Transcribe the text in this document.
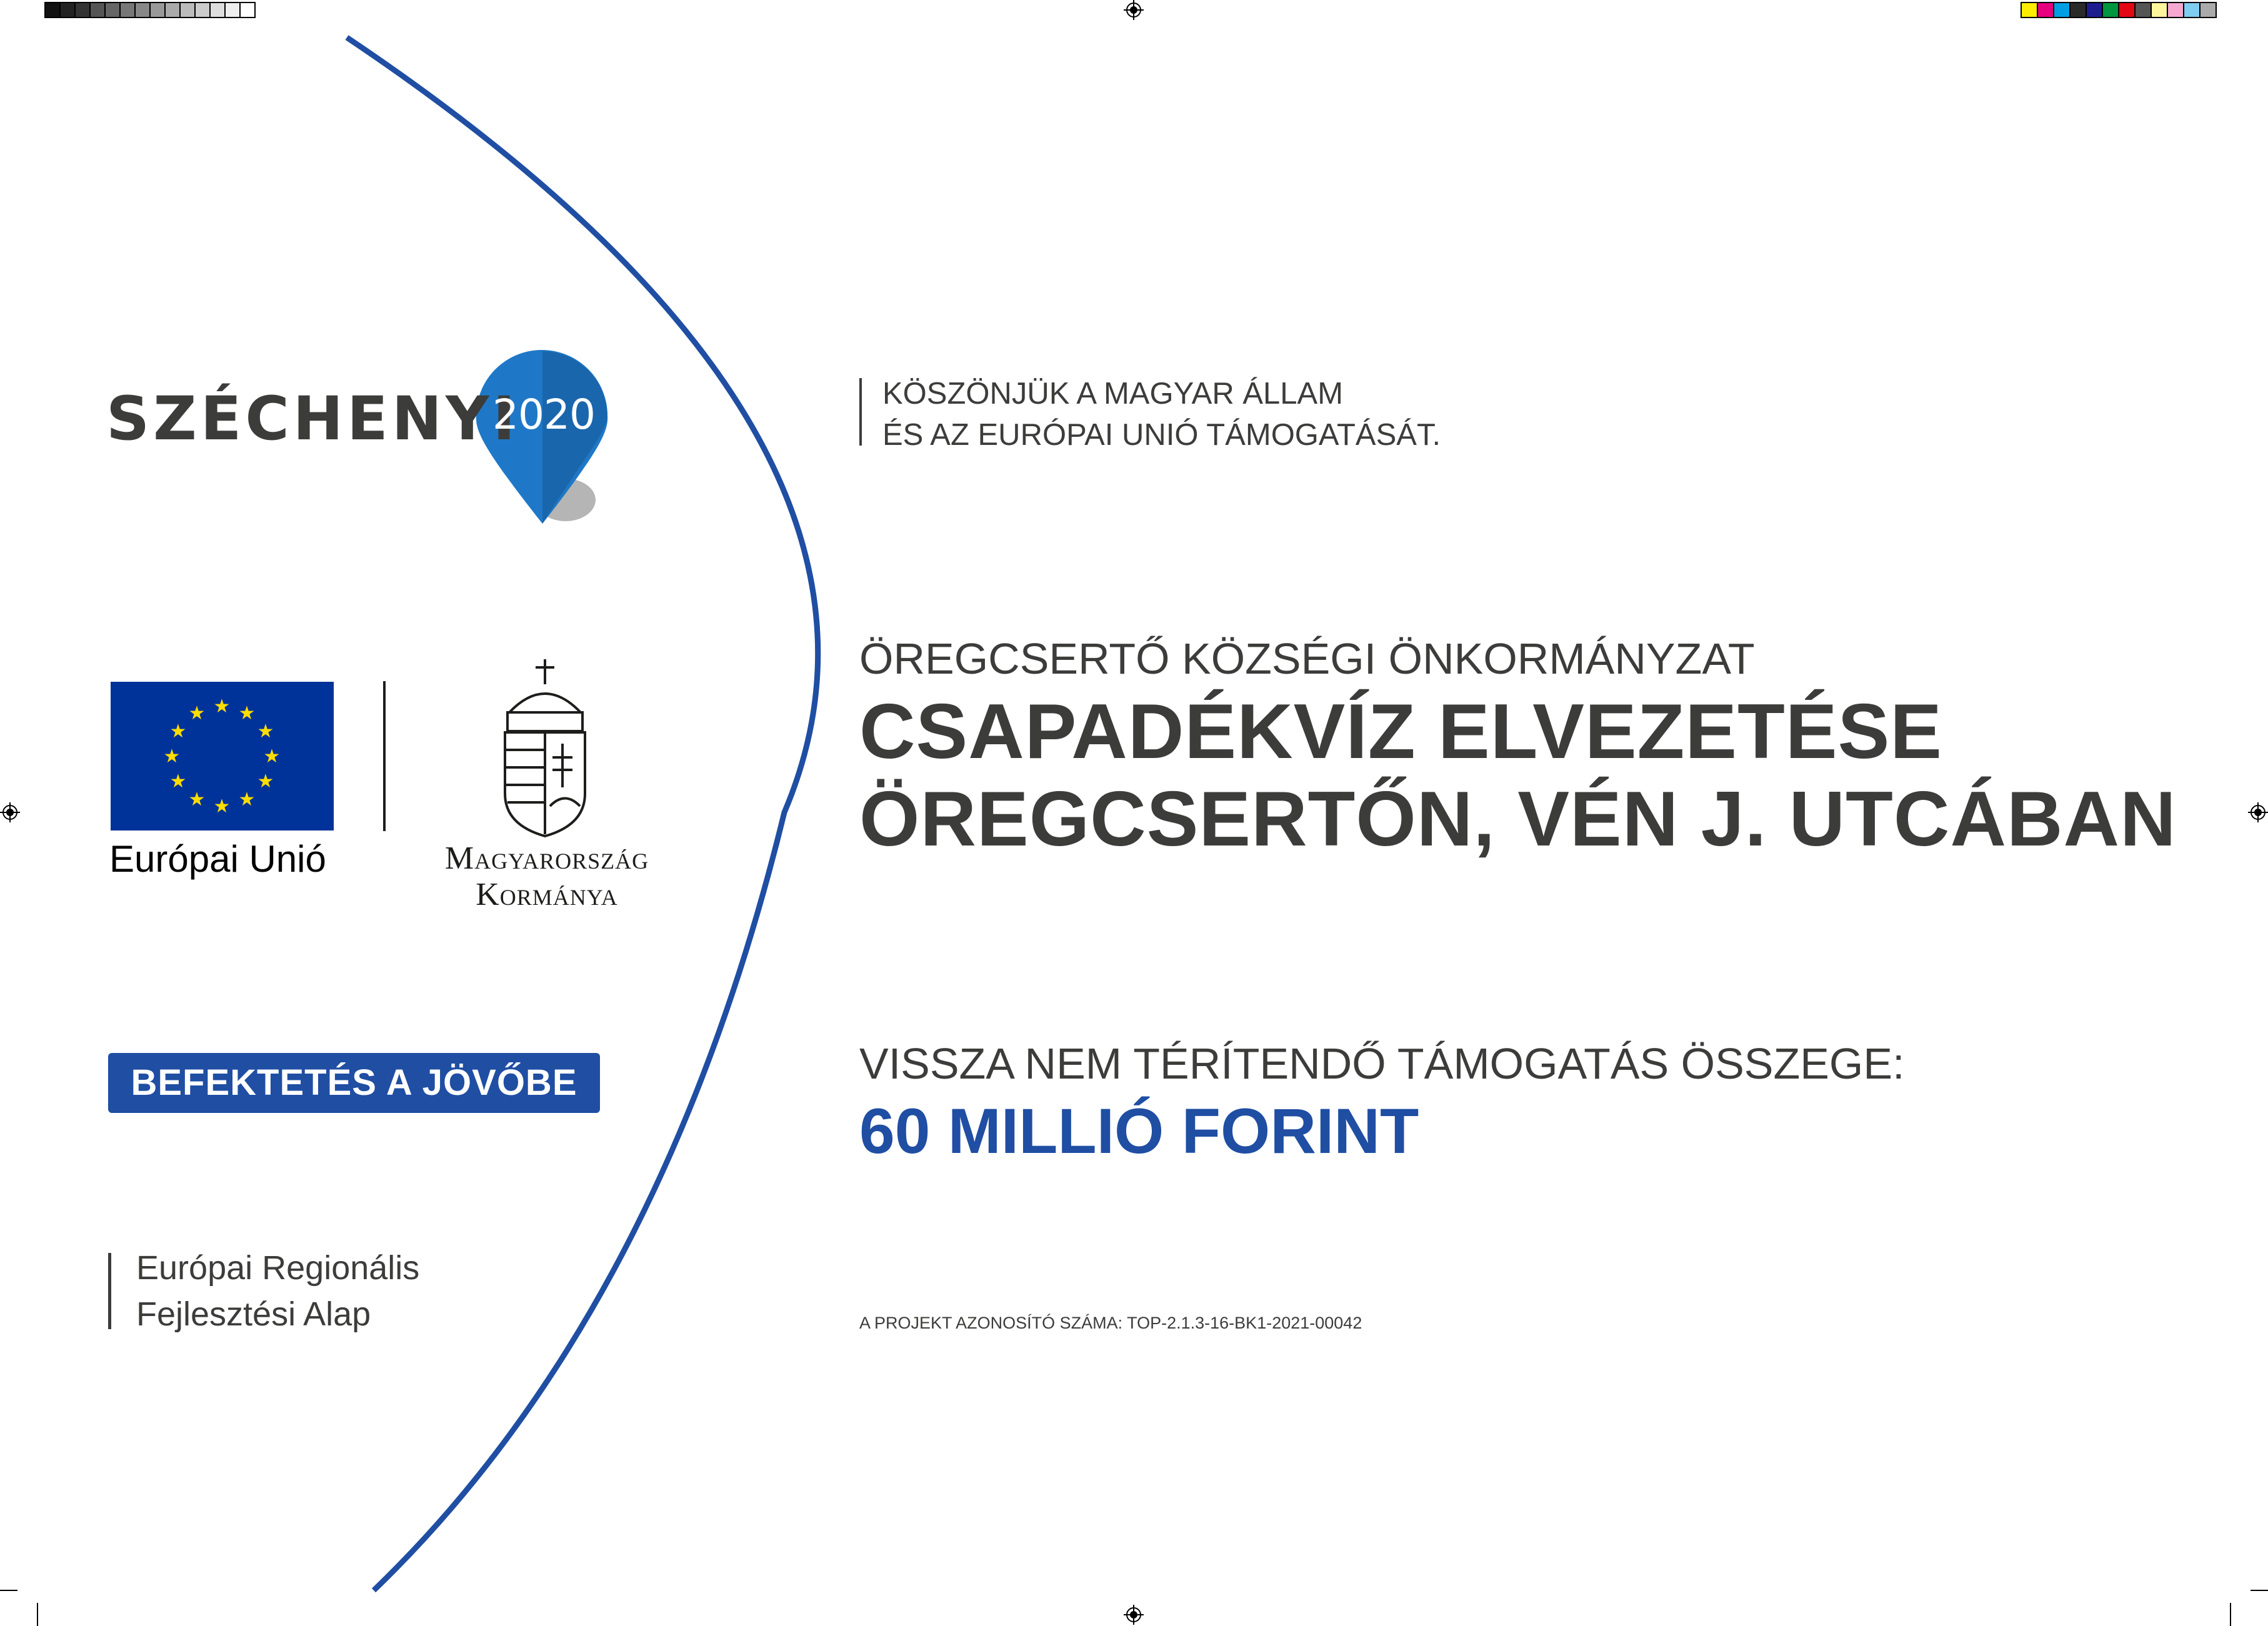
★ ★
★
★
★
★
★
★
★
★
★
★
SZÉCHENYI
2020
Európai Unió	Magyarország
Kormánya
BEFEKTETÉS A JÖVŐBE
Európai Regionális
Fejlesztési Alap
KÖSZÖNJÜK A MAGYAR ÁLLAM
ÉS AZ EURÓPAI UNIÓ TÁMOGATÁSÁT.
ÖREGCSERTŐ KÖZSÉGI ÖNKORMÁNYZAT
CSAPADÉKVÍZ ELVEZETÉSE
ÖREGCSERTŐN, VÉN J. UTCÁBAN
VISSZA NEM TÉRÍTENDŐ TÁMOGATÁS ÖSSZEGE:
60 MILLIÓ FORINT
A PROJEKT AZONOSÍTÓ SZÁMA: TOP-2.1.3-16-BK1-2021-00042
